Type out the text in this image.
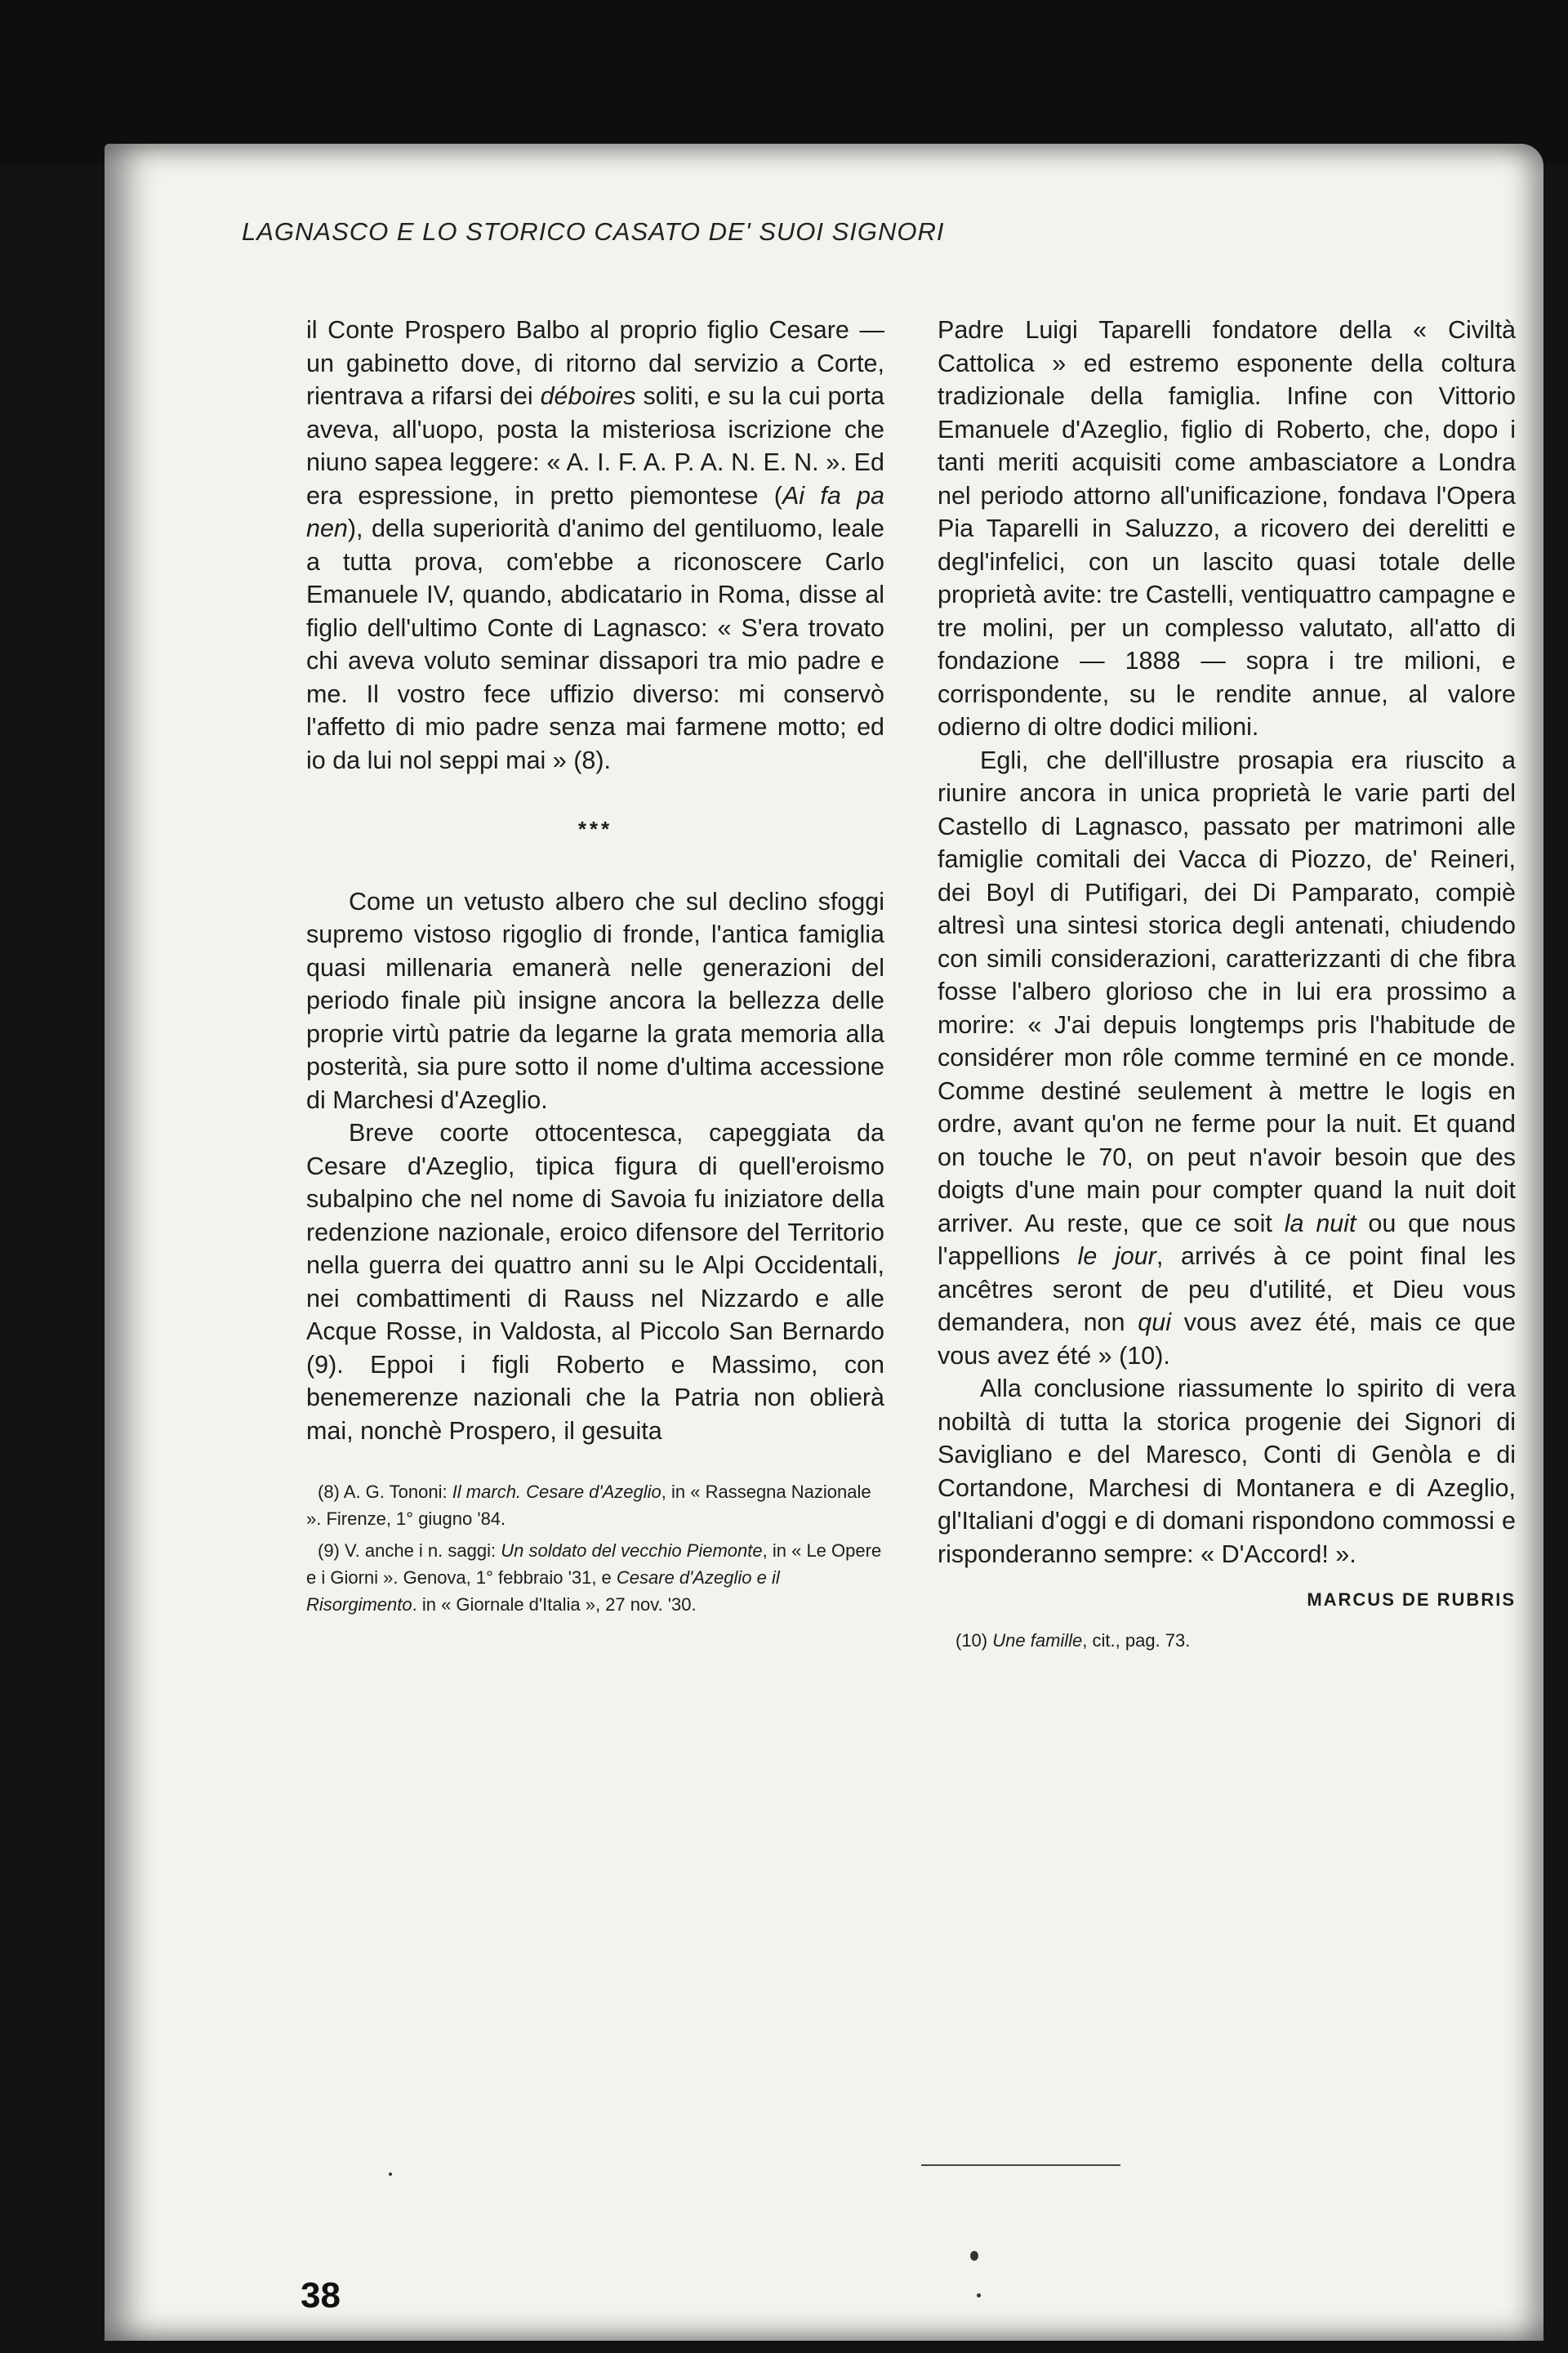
LAGNASCO E LO STORICO CASATO DE' SUOI SIGNORI

il Conte Prospero Balbo al proprio figlio Cesare — un gabinetto dove, di ritorno dal servizio a Corte, rientrava a rifarsi dei déboires soliti, e su la cui porta aveva, all'uopo, posta la misteriosa iscrizione che niuno sapea leggere: « A. I. F. A. P. A. N. E. N. ». Ed era espressione, in pretto piemontese (Ai fa pa nen), della superiorità d'animo del gentiluomo, leale a tutta prova, com'ebbe a riconoscere Carlo Emanuele IV, quando, abdicatario in Roma, disse al figlio dell'ultimo Conte di Lagnasco: « S'era trovato chi aveva voluto seminar dissapori tra mio padre e me. Il vostro fece uffizio diverso: mi conservò l'affetto di mio padre senza mai farmene motto; ed io da lui nol seppi mai » (8).

***

Come un vetusto albero che sul declino sfoggi supremo vistoso rigoglio di fronde, l'antica famiglia quasi millenaria emanerà nelle generazioni del periodo finale più insigne ancora la bellezza delle proprie virtù patrie da legarne la grata memoria alla posterità, sia pure sotto il nome d'ultima accessione di Marchesi d'Azeglio.

Breve coorte ottocentesca, capeggiata da Cesare d'Azeglio, tipica figura di quell'eroismo subalpino che nel nome di Savoia fu iniziatore della redenzione nazionale, eroico difensore del Territorio nella guerra dei quattro anni su le Alpi Occidentali, nei combattimenti di Rauss nel Nizzardo e alle Acque Rosse, in Valdosta, al Piccolo San Bernardo (9). Eppoi i figli Roberto e Massimo, con benemerenze nazionali che la Patria non oblierà mai, nonchè Prospero, il gesuita

(8) A. G. Tononi: Il march. Cesare d'Azeglio, in « Rassegna Nazionale ». Firenze, 1° giugno '84.

(9) V. anche i n. saggi: Un soldato del vecchio Piemonte, in « Le Opere e i Giorni ». Genova, 1° febbraio '31, e Cesare d'Azeglio e il Risorgimento. in « Giornale d'Italia », 27 nov. '30.

Padre Luigi Taparelli fondatore della « Civiltà Cattolica » ed estremo esponente della coltura tradizionale della famiglia. Infine con Vittorio Emanuele d'Azeglio, figlio di Roberto, che, dopo i tanti meriti acquisiti come ambasciatore a Londra nel periodo attorno all'unificazione, fondava l'Opera Pia Taparelli in Saluzzo, a ricovero dei derelitti e degl'infelici, con un lascito quasi totale delle proprietà avite: tre Castelli, ventiquattro campagne e tre molini, per un complesso valutato, all'atto di fondazione — 1888 — sopra i tre milioni, e corrispondente, su le rendite annue, al valore odierno di oltre dodici milioni.

Egli, che dell'illustre prosapia era riuscito a riunire ancora in unica proprietà le varie parti del Castello di Lagnasco, passato per matrimoni alle famiglie comitali dei Vacca di Piozzo, de' Reineri, dei Boyl di Putifigari, dei Di Pamparato, compiè altresì una sintesi storica degli antenati, chiudendo con simili considerazioni, caratterizzanti di che fibra fosse l'albero glorioso che in lui era prossimo a morire: « J'ai depuis longtemps pris l'habitude de considérer mon rôle comme terminé en ce monde. Comme destiné seulement à mettre le logis en ordre, avant qu'on ne ferme pour la nuit. Et quand on touche le 70, on peut n'avoir besoin que des doigts d'une main pour compter quand la nuit doit arriver. Au reste, que ce soit la nuit ou que nous l'appellions le jour, arrivés à ce point final les ancêtres seront de peu d'utilité, et Dieu vous demandera, non qui vous avez été, mais ce que vous avez été » (10).

Alla conclusione riassumente lo spirito di vera nobiltà di tutta la storica progenie dei Signori di Savigliano e del Maresco, Conti di Genòla e di Cortandone, Marchesi di Montanera e di Azeglio, gl'Italiani d'oggi e di domani rispondono commossi e risponderanno sempre: « D'Accord! ».

MARCUS DE RUBRIS
(10) Une famille, cit., pag. 73.
38
